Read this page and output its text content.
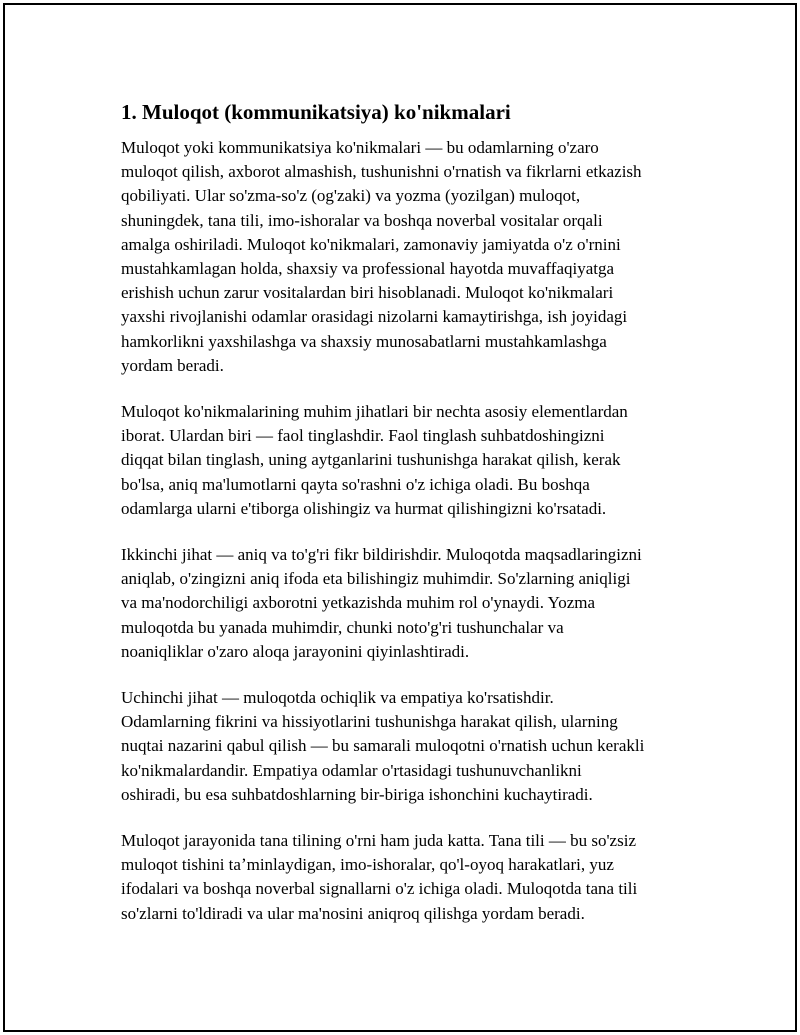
1. Muloqot (kommunikatsiya) ko'nikmalari
Muloqot yoki kommunikatsiya ko'nikmalari — bu odamlarning o'zaro
muloqot qilish, axborot almashish, tushunishni o'rnatish va fikrlarni etkazish
qobiliyati. Ular so'zma-so'z (og'zaki) va yozma (yozilgan) muloqot,
shuningdek, tana tili, imo-ishoralar va boshqa noverbal vositalar orqali
amalga oshiriladi. Muloqot ko'nikmalari, zamonaviy jamiyatda o'z o'rnini
mustahkamlagan holda, shaxsiy va professional hayotda muvaffaqiyatga
erishish uchun zarur vositalardan biri hisoblanadi. Muloqot ko'nikmalari
yaxshi rivojlanishi odamlar orasidagi nizolarni kamaytirishga, ish joyidagi
hamkorlikni yaxshilashga va shaxsiy munosabatlarni mustahkamlashga
yordam beradi.
Muloqot ko'nikmalarining muhim jihatlari bir nechta asosiy elementlardan
iborat. Ulardan biri — faol tinglashdir. Faol tinglash suhbatdoshingizni
diqqat bilan tinglash, uning aytganlarini tushunishga harakat qilish, kerak
bo'lsa, aniq ma'lumotlarni qayta so'rashni o'z ichiga oladi. Bu boshqa
odamlarga ularni e'tiborga olishingiz va hurmat qilishingizni ko'rsatadi.
Ikkinchi jihat — aniq va to'g'ri fikr bildirishdir. Muloqotda maqsadlaringizni
aniqlab, o'zingizni aniq ifoda eta bilishingiz muhimdir. So'zlarning aniqligi
va ma'nodorchiligi axborotni yetkazishda muhim rol o'ynaydi. Yozma
muloqotda bu yanada muhimdir, chunki noto'g'ri tushunchalar va
noaniqliklar o'zaro aloqa jarayonini qiyinlashtiradi.
Uchinchi jihat — muloqotda ochiqlik va empatiya ko'rsatishdir.
Odamlarning fikrini va hissiyotlarini tushunishga harakat qilish, ularning
nuqtai nazarini qabul qilish — bu samarali muloqotni o'rnatish uchun kerakli
ko'nikmalardandir. Empatiya odamlar o'rtasidagi tushunuvchanlikni
oshiradi, bu esa suhbatdoshlarning bir-biriga ishonchini kuchaytiradi.
Muloqot jarayonida tana tilining o'rni ham juda katta. Tana tili — bu so'zsiz
muloqot tishini taʼminlaydigan, imo-ishoralar, qo'l-oyoq harakatlari, yuz
ifodalari va boshqa noverbal signallarni o'z ichiga oladi. Muloqotda tana tili
so'zlarni to'ldiradi va ular ma'nosini aniqroq qilishga yordam beradi.
